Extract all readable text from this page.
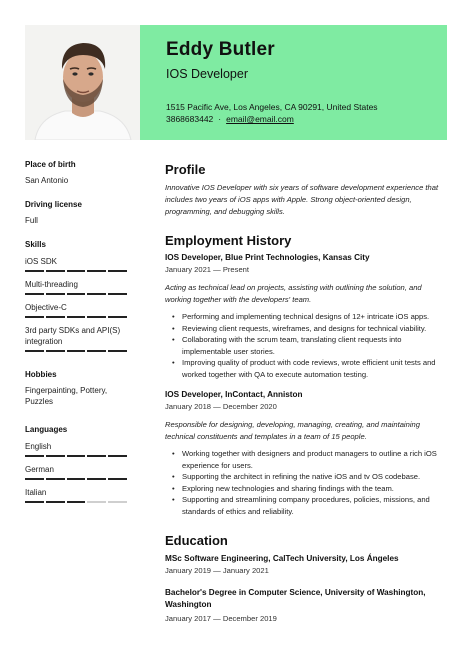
Eddy Butler
IOS Developer
1515 Pacific Ave, Los Angeles, CA 90291, United States
3868683442 · email@email.com
Place of birth
San Antonio
Driving license
Full
Skills
iOS SDK
Multi-threading
Objective-C
3rd party SDKs and API(S) integration
Hobbies
Fingerpainting, Pottery, Puzzles
Languages
English
German
Italian
Profile
Innovative IOS Developer with six years of software development experience that includes two years of iOS apps with Apple. Strong object-oriented design, programming, and debugging skills.
Employment History
IOS Developer, Blue Print Technologies, Kansas City
January 2021 — Present
Acting as technical lead on projects, assisting with outlining the solution, and working together with the developers' team.
• Performing and implementing technical designs of 12+ intricate iOS apps.
• Reviewing client requests, wireframes, and designs for technical viability.
• Collaborating with the scrum team, translating client requests into implementable user stories.
• Improving quality of product with code reviews, wrote efficient unit tests and worked together with QA to execute automation testing.
IOS Developer, InContact, Anniston
January 2018 — December 2020
Responsible for designing, developing, managing, creating, and maintaining technical constituents and templates in a team of 15 people.
• Working together with designers and product managers to outline a rich iOS experience for users.
• Supporting the architect in refining the native iOS and tv OS codebase.
• Exploring new technologies and sharing findings with the team.
• Supporting and streamlining company procedures, policies, missions, and standards of ethics and reliability.
Education
MSc Software Engineering, CalTech University, Los Ángeles
January 2019 — January 2021
Bachelor's Degree in Computer Science, University of Washington, Washington
January 2017 — December 2019
